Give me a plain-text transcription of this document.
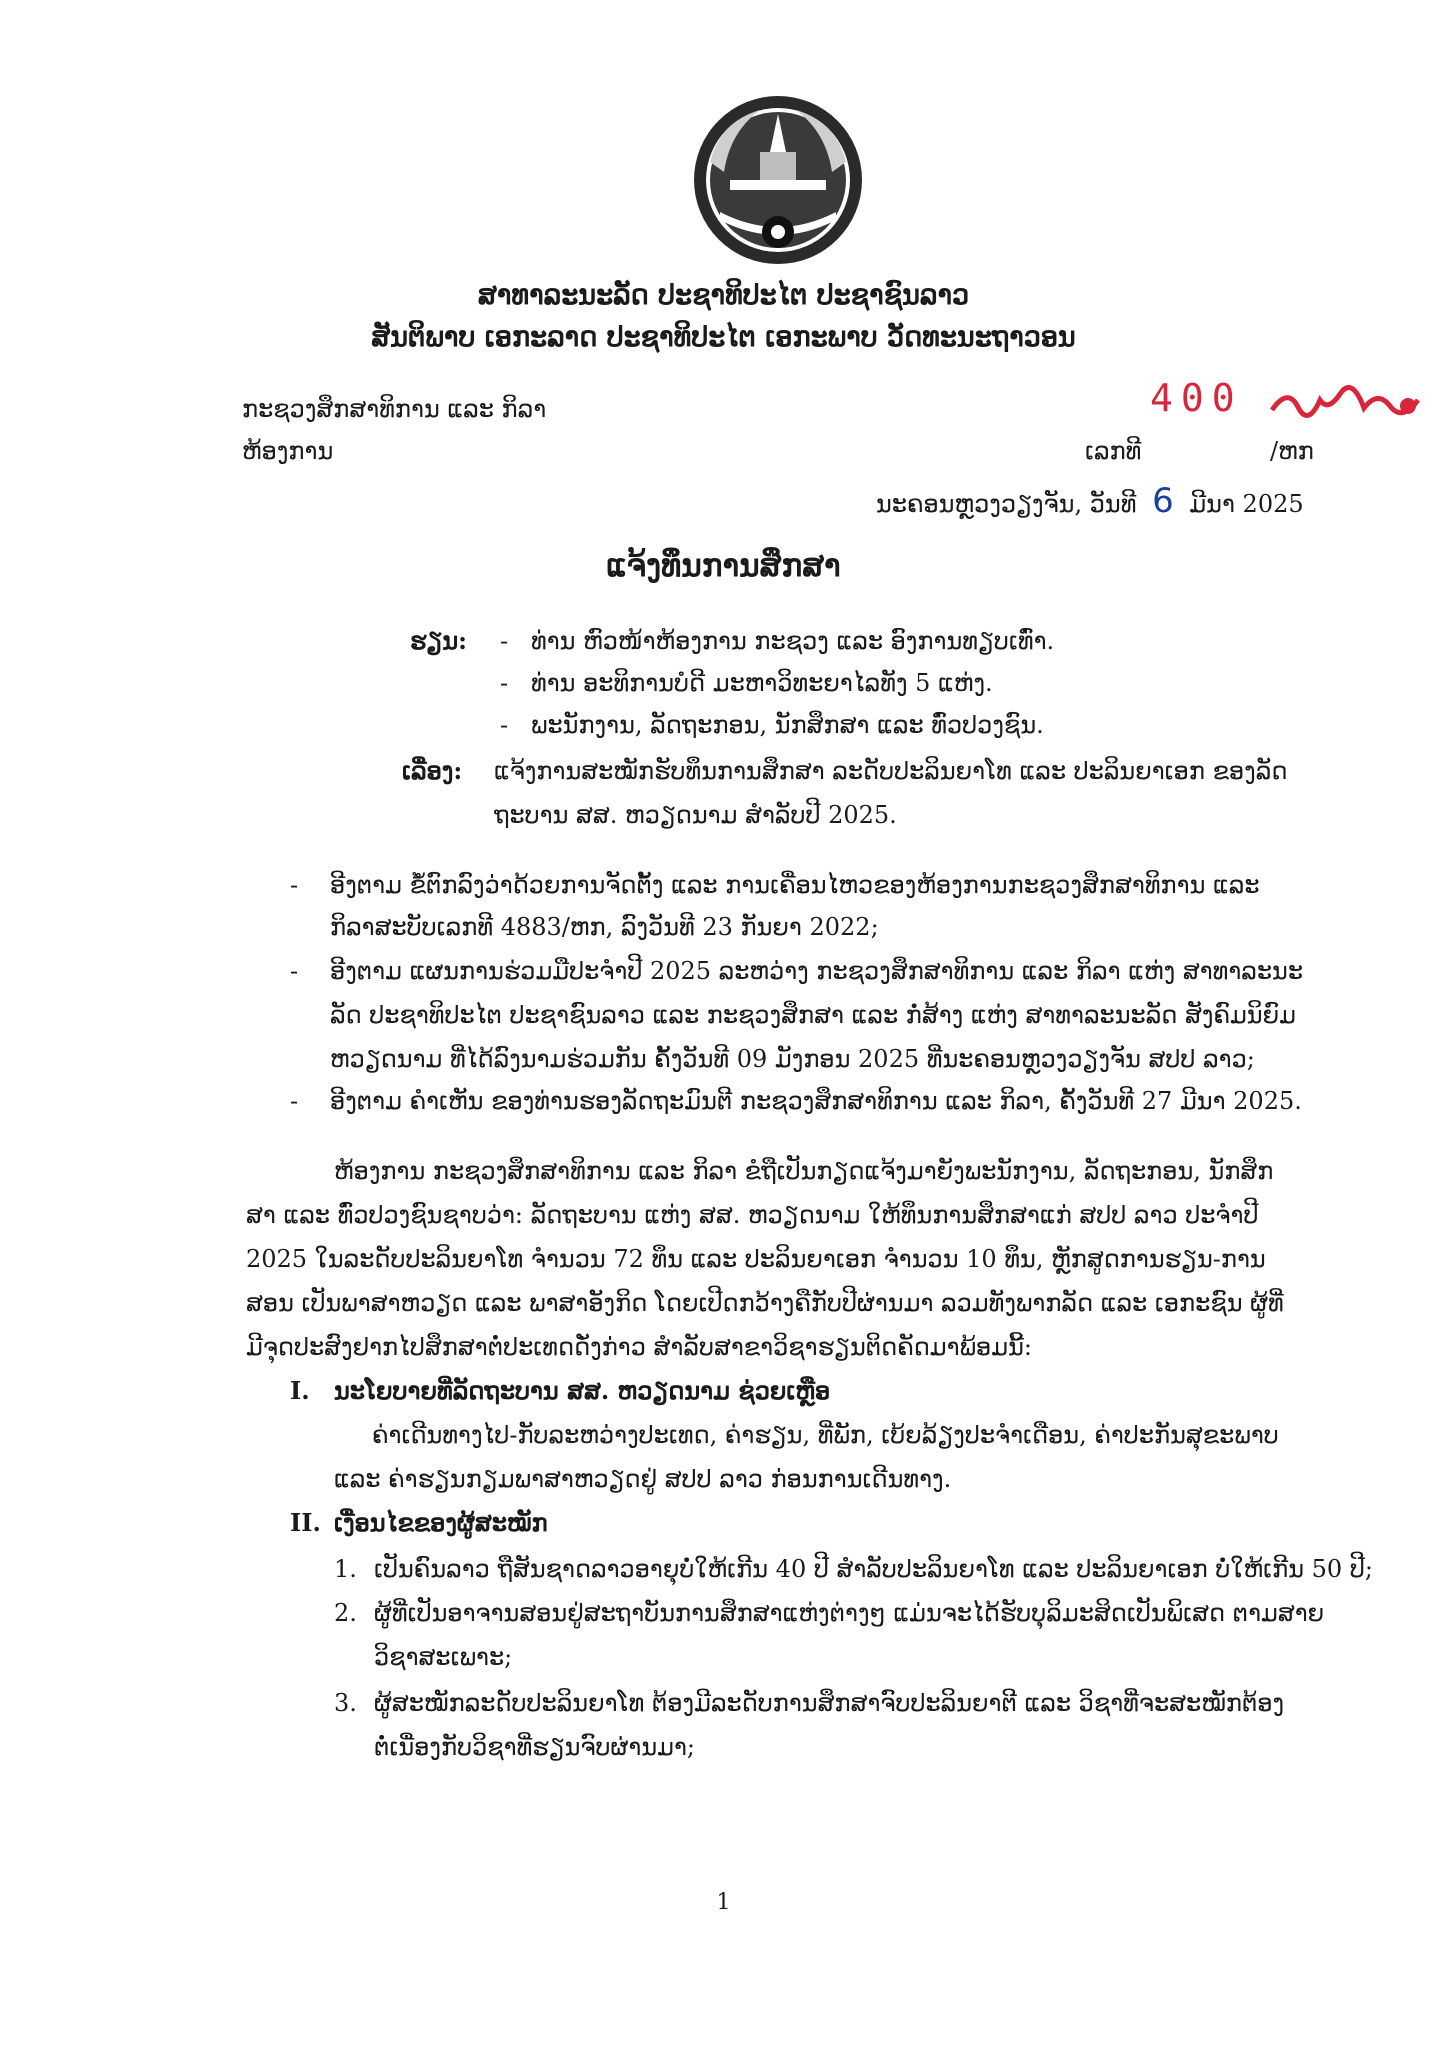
ສາທາລະນະລັດ ປະຊາທິປະໄຕ ປະຊາຊົນລາວ
ສັນຕິພາບ ເອກະລາດ ປະຊາທິປະໄຕ ເອກະພາບ ວັດທະນະຖາວອນ
ກະຊວງສຶກສາທິການ ແລະ ກິລາ
ຫ້ອງການ
400
ເລກທີ	/ຫກ
ນະຄອນຫຼວງວຽງຈັນ, ວັນທີ 6 ມີນາ 2025
ແຈ້ງທຶນການສຶກສາ
ຮຽນ: -   ທ່ານ ຫົວໜ້າຫ້ອງການ ກະຊວງ ແລະ ອົງການທຽບເທົ່າ.
-   ທ່ານ ອະທິການບໍດີ ມະຫາວິທະຍາໄລທັງ 5 ແຫ່ງ.
-   ພະນັກງານ, ລັດຖະກອນ, ນັກສຶກສາ ແລະ ທົ່ວປວງຊົນ.
ເລື່ອງ: ແຈ້ງການສະໝັກຮັບທຶນການສຶກສາ ລະດັບປະລິນຍາໂທ ແລະ ປະລິນຍາເອກ ຂອງລັດ
ຖະບານ ສສ. ຫວຽດນາມ ສຳລັບປີ 2025.
- ອີງຕາມ ຂໍ້ຕົກລົງວ່າດ້ວຍການຈັດຕັ້ງ ແລະ ການເຄື່ອນໄຫວຂອງຫ້ອງການກະຊວງສຶກສາທິການ ແລະ
ກິລາສະບັບເລກທີ 4883/ຫກ, ລົງວັນທີ 23 ກັນຍາ 2022;
- ອີງຕາມ ແຜນການຮ່ວມມືປະຈຳປີ 2025 ລະຫວ່າງ ກະຊວງສຶກສາທິການ ແລະ ກິລາ ແຫ່ງ ສາທາລະນະ
ລັດ ປະຊາທິປະໄຕ ປະຊາຊົນລາວ ແລະ ກະຊວງສຶກສາ ແລະ ກໍ່ສ້າງ ແຫ່ງ ສາທາລະນະລັດ ສັງຄົມນິຍົມ
ຫວຽດນາມ ທີ່ໄດ້ລົງນາມຮ່ວມກັນ ຄັ້ງວັນທີ 09 ມັງກອນ 2025 ທີ່ນະຄອນຫຼວງວຽງຈັນ ສປປ ລາວ;
- ອີງຕາມ ຄຳເຫັນ ຂອງທ່ານຮອງລັດຖະມົນຕີ ກະຊວງສຶກສາທິການ ແລະ ກິລາ, ຄັ້ງວັນທີ 27 ມີນາ 2025.
ຫ້ອງການ ກະຊວງສຶກສາທິການ ແລະ ກິລາ ຂໍຖືເປັນກຽດແຈ້ງມາຍັງພະນັກງານ, ລັດຖະກອນ, ນັກສຶກ
ສາ ແລະ ທົ່ວປວງຊົນຊາບວ່າ: ລັດຖະບານ ແຫ່ງ ສສ. ຫວຽດນາມ ໃຫ້ທຶນການສຶກສາແກ່ ສປປ ລາວ ປະຈຳປີ
2025 ໃນລະດັບປະລິນຍາໂທ ຈຳນວນ 72 ທຶນ ແລະ ປະລິນຍາເອກ ຈຳນວນ 10 ທຶນ, ຫຼັກສູດການຮຽນ-ການ
ສອນ ເປັນພາສາຫວຽດ ແລະ ພາສາອັງກິດ ໂດຍເປີດກວ້າງຄືກັບປີຜ່ານມາ ລວມທັງພາກລັດ ແລະ ເອກະຊົນ ຜູ້ທີ່
ມີຈຸດປະສົງຢາກໄປສຶກສາຕໍ່ປະເທດດັ່ງກ່າວ ສຳລັບສາຂາວິຊາຮຽນຕິດຄັດມາພ້ອມນີ້:
I. ນະໂຍບາຍທີ່ລັດຖະບານ ສສ. ຫວຽດນາມ ຊ່ວຍເຫຼືອ
ຄ່າເດີນທາງໄປ-ກັບລະຫວ່າງປະເທດ, ຄ່າຮຽນ, ທີ່ພັກ, ເບ້ຍລ້ຽງປະຈຳເດືອນ, ຄ່າປະກັນສຸຂະພາບ
ແລະ ຄ່າຮຽນກຽມພາສາຫວຽດຢູ່ ສປປ ລາວ ກ່ອນການເດີນທາງ.
II. ເງື່ອນໄຂຂອງຜູ້ສະໝັກ
1. ເປັນຄົນລາວ ຖືສັນຊາດລາວອາຍຸບໍ່ໃຫ້ເກີນ 40 ປີ ສຳລັບປະລິນຍາໂທ ແລະ ປະລິນຍາເອກ ບໍ່ໃຫ້ເກີນ 50 ປີ;
2. ຜູ້ທີ່ເປັນອາຈານສອນຢູ່ສະຖາບັນການສຶກສາແຫ່ງຕ່າງໆ ແມ່ນຈະໄດ້ຮັບບຸລິມະສິດເປັນພິເສດ ຕາມສາຍ
ວິຊາສະເພາະ;
3. ຜູ້ສະໝັກລະດັບປະລິນຍາໂທ ຕ້ອງມີລະດັບການສຶກສາຈົບປະລິນຍາຕີ ແລະ ວິຊາທີ່ຈະສະໝັກຕ້ອງ
ຕໍ່ເນື່ອງກັບວິຊາທີ່ຮຽນຈົບຜ່ານມາ;
1
